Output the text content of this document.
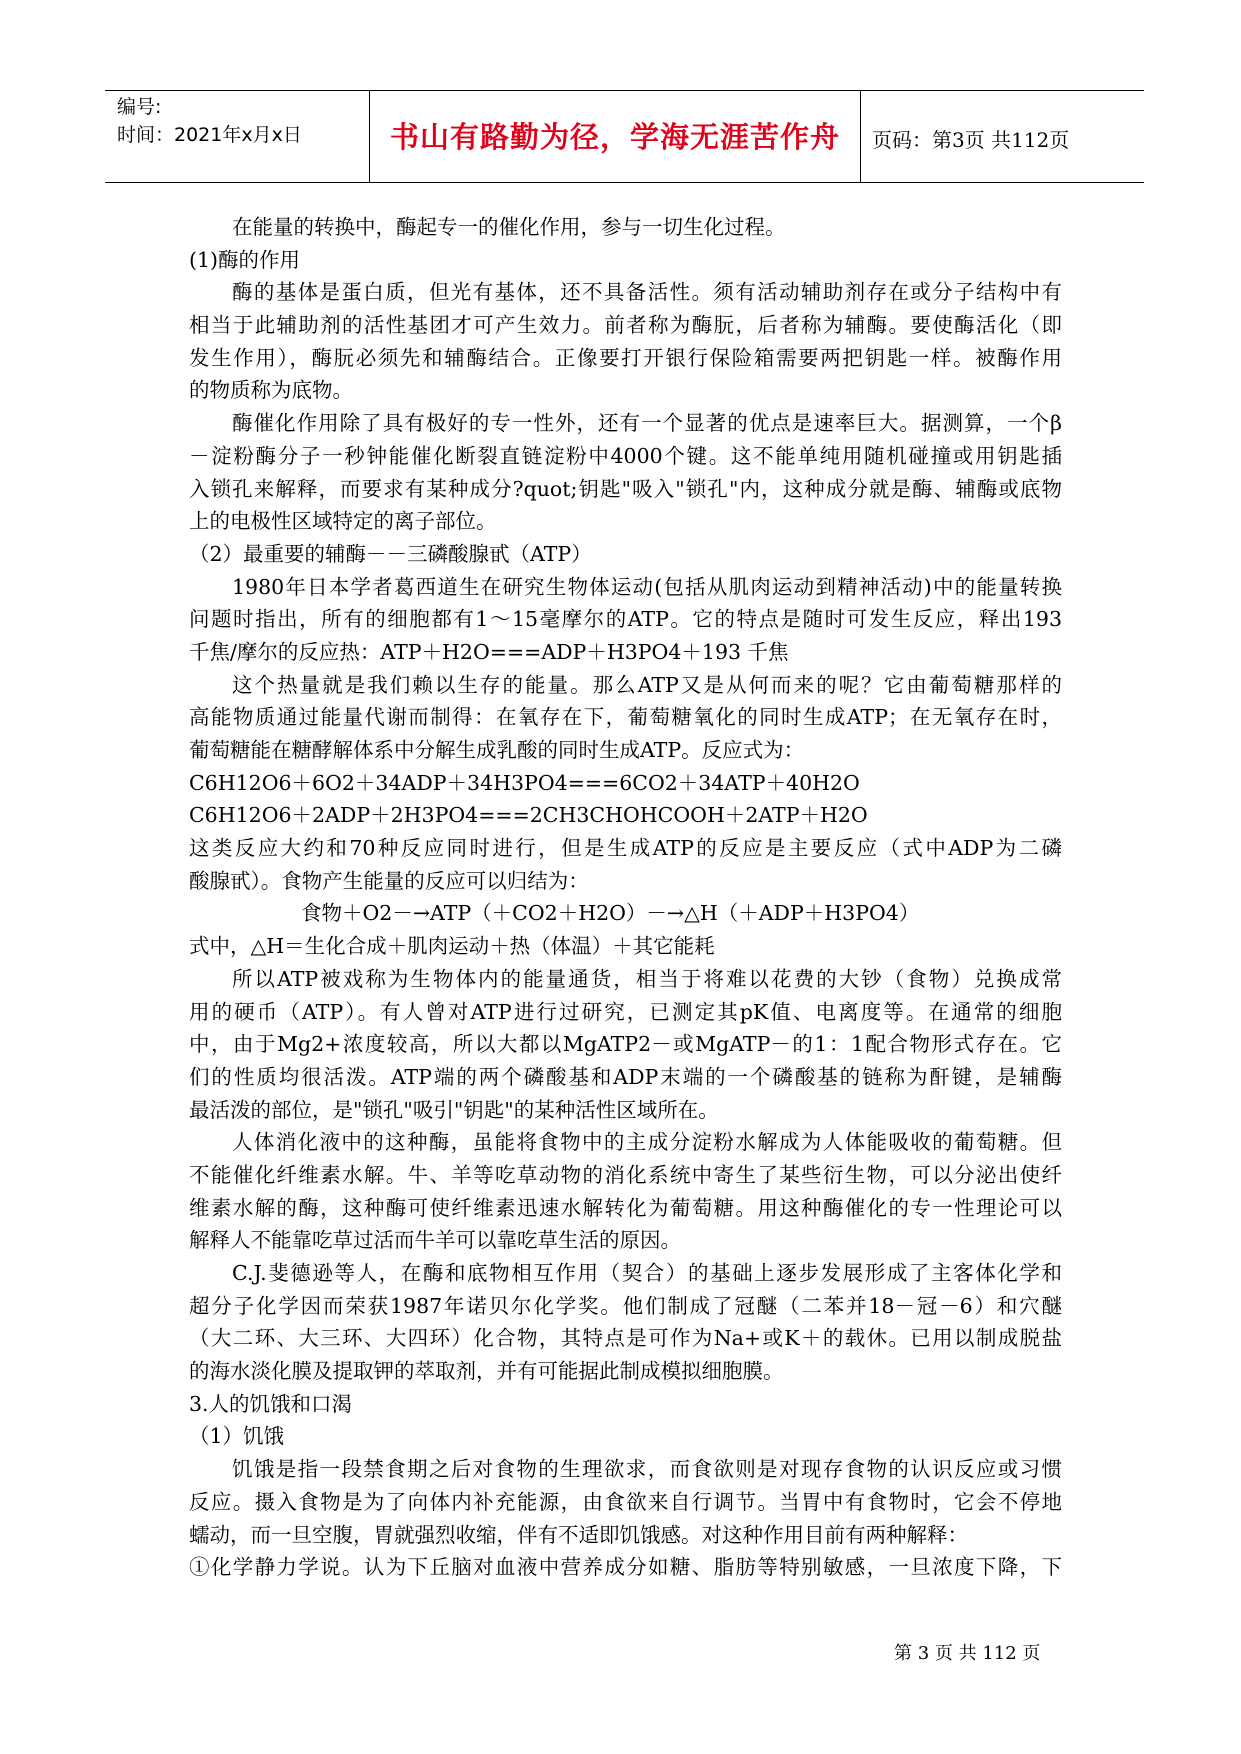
编号:
时间：2021年x月x日	书山有路勤为径，学海无涯苦作舟	页码：第3页 共112页
在能量的转换中，酶起专一的催化作用，参与一切生化过程。
(1)酶的作用
酶的基体是蛋白质，但光有基体，还不具备活性。须有活动辅助剂存在或分子结构中有
相当于此辅助剂的活性基团才可产生效力。前者称为酶朊，后者称为辅酶。要使酶活化（即
发生作用），酶朊必须先和辅酶结合。正像要打开银行保险箱需要两把钥匙一样。被酶作用
的物质称为底物。
酶催化作用除了具有极好的专一性外，还有一个显著的优点是速率巨大。据测算，一个β
－淀粉酶分子一秒钟能催化断裂直链淀粉中4000个键。这不能单纯用随机碰撞或用钥匙插
入锁孔来解释，而要求有某种成分?quot;钥匙"吸入"锁孔"内，这种成分就是酶、辅酶或底物
上的电极性区域特定的离子部位。
（2）最重要的辅酶－－三磷酸腺甙（ATP）
1980年日本学者葛西道生在研究生物体运动(包括从肌肉运动到精神活动)中的能量转换
问题时指出，所有的细胞都有1～15毫摩尔的ATP。它的特点是随时可发生反应，释出193
千焦/摩尔的反应热：ATP＋H2O===ADP＋H3PO4＋193 千焦
这个热量就是我们赖以生存的能量。那么ATP又是从何而来的呢？它由葡萄糖那样的
高能物质通过能量代谢而制得：在氧存在下，葡萄糖氧化的同时生成ATP；在无氧存在时，
葡萄糖能在糖酵解体系中分解生成乳酸的同时生成ATP。反应式为：
C6H12O6＋6O2＋34ADP＋34H3PO4===6CO2＋34ATP＋40H2O
C6H12O6＋2ADP＋2H3PO4===2CH3CHOHCOOH＋2ATP＋H2O
这类反应大约和70种反应同时进行，但是生成ATP的反应是主要反应（式中ADP为二磷
酸腺甙）。食物产生能量的反应可以归结为：
食物＋O2－→ATP（＋CO2＋H2O）－→△H（＋ADP＋H3PO4）
式中，△H＝生化合成＋肌肉运动＋热（体温）＋其它能耗
所以ATP被戏称为生物体内的能量通货，相当于将难以花费的大钞（食物）兑换成常
用的硬币（ATP）。有人曾对ATP进行过研究，已测定其pK值、电离度等。在通常的细胞
中，由于Mg2+浓度较高，所以大都以MgATP2－或MgATP－的1：1配合物形式存在。它
们的性质均很活泼。ATP端的两个磷酸基和ADP末端的一个磷酸基的链称为酐键，是辅酶
最活泼的部位，是"锁孔"吸引"钥匙"的某种活性区域所在。
人体消化液中的这种酶，虽能将食物中的主成分淀粉水解成为人体能吸收的葡萄糖。但
不能催化纤维素水解。牛、羊等吃草动物的消化系统中寄生了某些衍生物，可以分泌出使纤
维素水解的酶，这种酶可使纤维素迅速水解转化为葡萄糖。用这种酶催化的专一性理论可以
解释人不能靠吃草过活而牛羊可以靠吃草生活的原因。
C.J.斐德逊等人，在酶和底物相互作用（契合）的基础上逐步发展形成了主客体化学和
超分子化学因而荣获1987年诺贝尔化学奖。他们制成了冠醚（二苯并18－冠－6）和穴醚
（大二环、大三环、大四环）化合物，其特点是可作为Na+或K＋的载休。已用以制成脱盐
的海水淡化膜及提取钾的萃取剂，并有可能据此制成模拟细胞膜。
3.人的饥饿和口渴
（1）饥饿
饥饿是指一段禁食期之后对食物的生理欲求，而食欲则是对现存食物的认识反应或习惯
反应。摄入食物是为了向体内补充能源，由食欲来自行调节。当胃中有食物时，它会不停地
蠕动，而一旦空腹，胃就强烈收缩，伴有不适即饥饿感。对这种作用目前有两种解释：
①化学静力学说。认为下丘脑对血液中营养成分如糖、脂肪等特别敏感，一旦浓度下降，下
第 3 页 共 112 页
